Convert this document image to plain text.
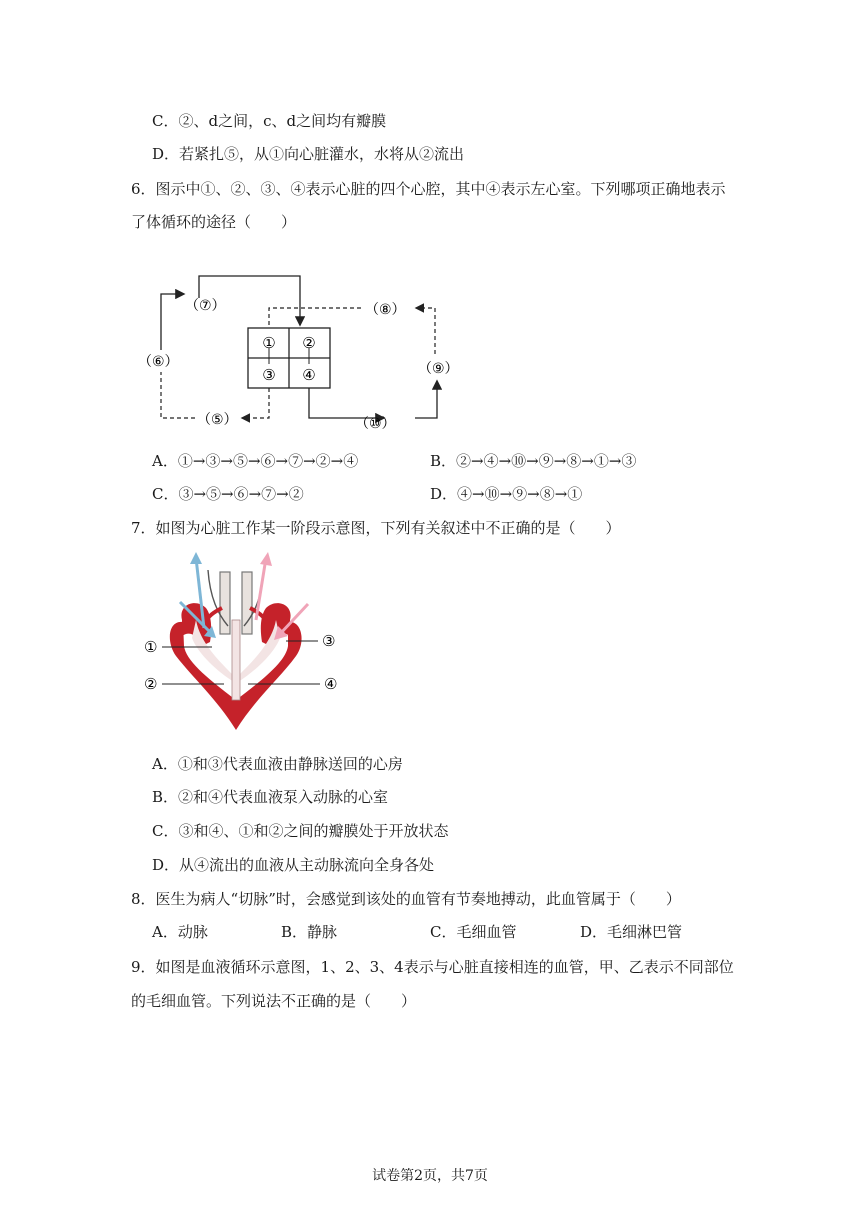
C．②、d之间，c、d之间均有瓣膜
D．若紧扎⑤，从①向心脏灌水，水将从②流出
6．图示中①、②、③、④表示心脏的四个心腔，其中④表示左心室。下列哪项正确地表示
了体循环的途径（　　）
① ②
③ ④
（⑦）	（⑧）
（⑥）	（⑨）
（⑤）	（⑩）
A．①→③→⑤→⑥→⑦→②→④	B．②→④→⑩→⑨→⑧→①→③
C．③→⑤→⑥→⑦→②	D．④→⑩→⑨→⑧→①
7．如图为心脏工作某一阶段示意图，下列有关叙述中不正确的是（　　）
①
②
③
④
A．①和③代表血液由静脉送回的心房
B．②和④代表血液泵入动脉的心室
C．③和④、①和②之间的瓣膜处于开放状态
D．从④流出的血液从主动脉流向全身各处
8．医生为病人“切脉”时，会感觉到该处的血管有节奏地搏动，此血管属于（　　）
A．动脉	B．静脉	C．毛细血管	D．毛细淋巴管
9．如图是血液循环示意图，1、2、3、4表示与心脏直接相连的血管，甲、乙表示不同部位
的毛细血管。下列说法不正确的是（　　）
试卷第2页，共7页
